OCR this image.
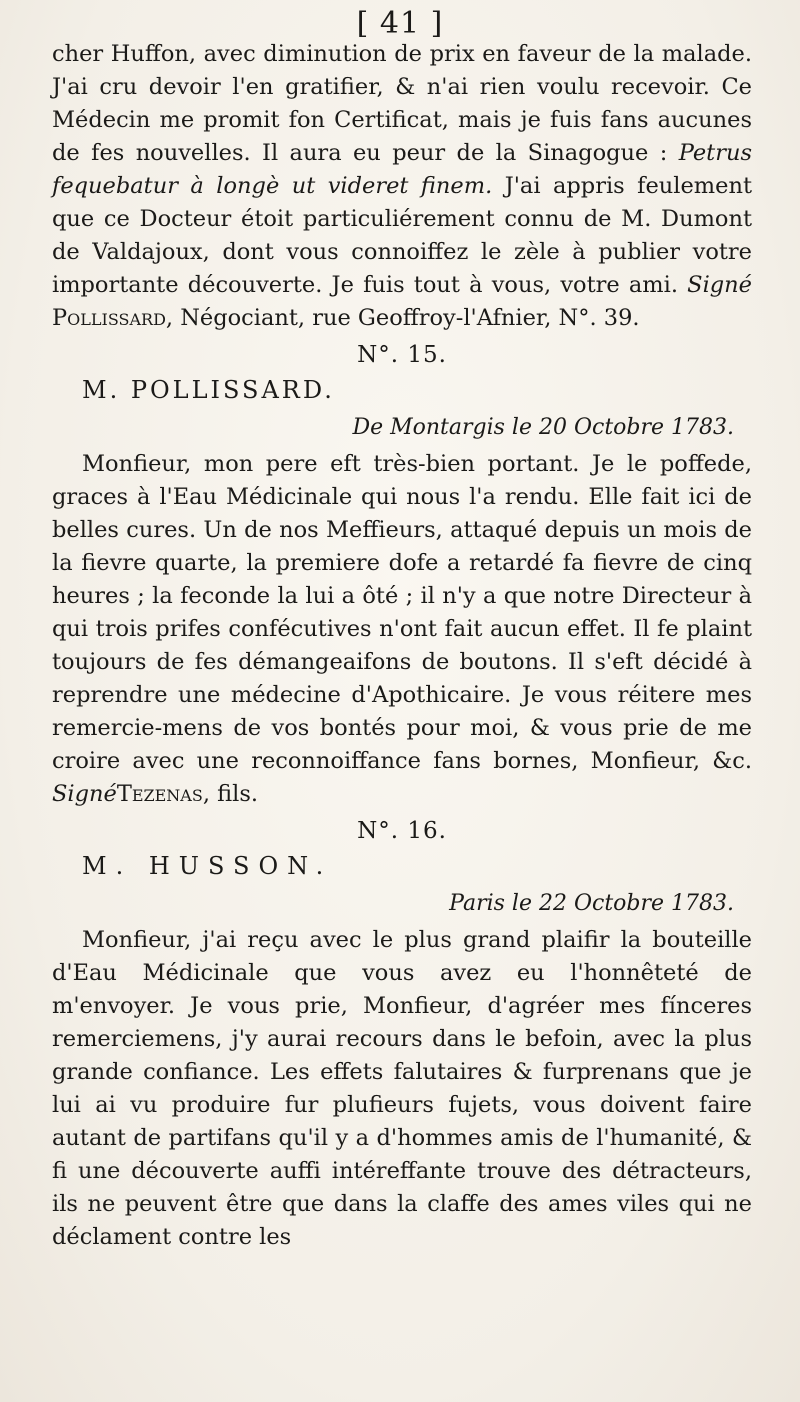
[ 41 ]

cher Huffon, avec diminution de prix en faveur de la malade. J'ai cru devoir l'en gratifier, & n'ai rien voulu recevoir. Ce Médecin me promit fon Certificat, mais je fuis fans aucunes de fes nouvelles. Il aura eu peur de la Sinagogue : Petrus fequebatur à longè ut videret finem. J'ai appris feulement que ce Docteur étoit particuliérement connu de M. Dumont de Valdajoux, dont vous connoiffez le zèle à publier votre importante découverte. Je fuis tout à vous, votre ami. Signé Pollissard, Négociant, rue Geoffroy-l'Afnier, N°. 39.

N°. 15.
M. POLLISSARD.
De Montargis le 20 Octobre 1783.

Monfieur, mon pere eft très-bien portant. Je le poffede, graces à l'Eau Médicinale qui nous l'a rendu. Elle fait ici de belles cures. Un de nos Meffieurs, attaqué depuis un mois de la fievre quarte, la premiere dofe a retardé fa fievre de cinq heures ; la feconde la lui a ôté ; il n'y a que notre Directeur à qui trois prifes confécutives n'ont fait aucun effet. Il fe plaint toujours de fes démangeaifons de boutons. Il s'eft décidé à reprendre une médecine d'Apothicaire. Je vous réitere mes remercie-mens de vos bontés pour moi, & vous prie de me croire avec une reconnoiffance fans bornes, Monfieur, &c. SignéTezenas, fils.

N°. 16.
M. HUSSON.
Paris le 22 Octobre 1783.

Monfieur, j'ai reçu avec le plus grand plaifir la bouteille d'Eau Médicinale que vous avez eu l'honnêteté de m'envoyer. Je vous prie, Monfieur, d'agréer mes fínceres remerciemens, j'y aurai recours dans le befoin, avec la plus grande confiance. Les effets falutaires & furprenans que je lui ai vu produire fur plufieurs fujets, vous doivent faire autant de partifans qu'il y a d'hommes amis de l'humanité, & fi une découverte auffi intéreffante trouve des détracteurs, ils ne peuvent être que dans la claffe des ames viles qui ne déclament contre les
